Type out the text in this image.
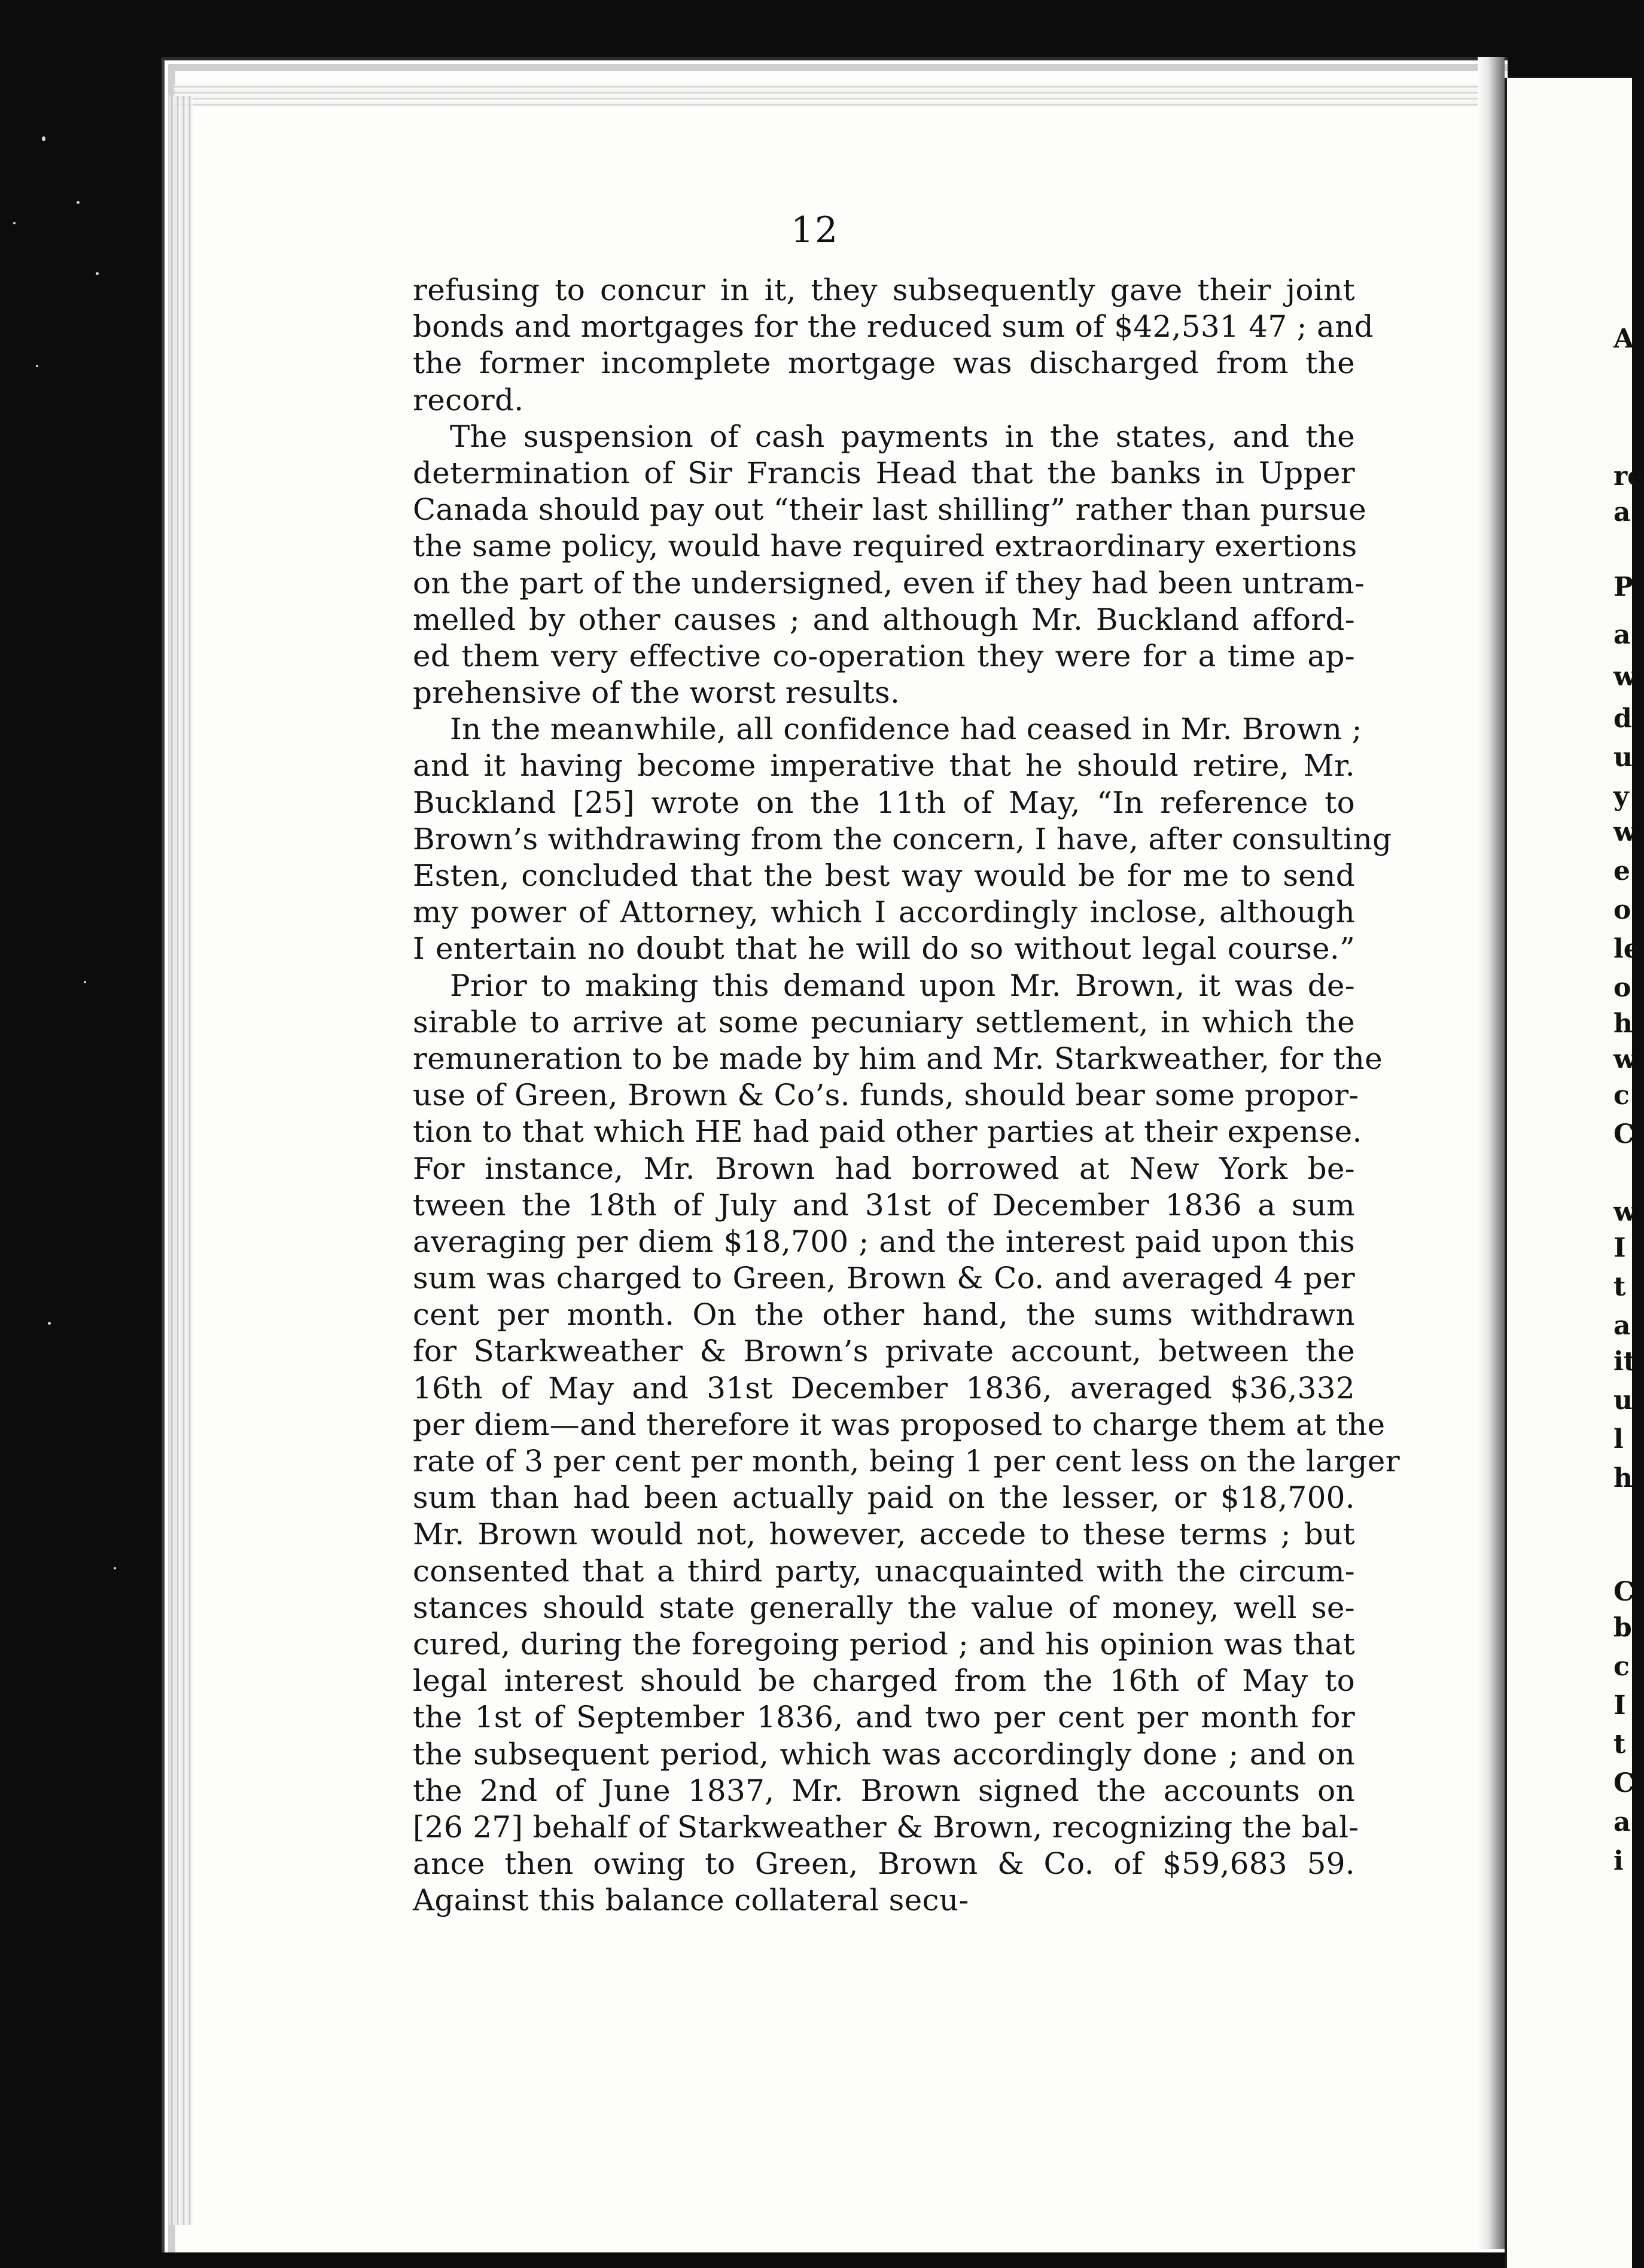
A
re
a
P
a
w
d
u
y
w
e
o
le
o
h
w
c
C
w
I
t
a
it
u
l
h
C
b
c
I
t
C
a
i
12
refusing to concur in it, they subsequently gave their joint
bonds and mortgages for the reduced sum of $42,531 47 ; and
the former incomplete mortgage was discharged from the
record.
The suspension of cash payments in the states, and the
determination of Sir Francis Head that the banks in Upper
Canada should pay out “their last shilling” rather than pursue
the same policy, would have required extraordinary exertions
on the part of the undersigned, even if they had been untram-
melled by other causes ; and although Mr. Buckland afford-
ed them very effective co-operation they were for a time ap-
prehensive of the worst results.
In the meanwhile, all confidence had ceased in Mr. Brown ;
and it having become imperative that he should retire, Mr.
Buckland [25] wrote on the 11th of May, “In reference to
Brown’s withdrawing from the concern, I have, after consulting
Esten, concluded that the best way would be for me to send
my power of Attorney, which I accordingly inclose, although
I entertain no doubt that he will do so without legal course.”
Prior to making this demand upon Mr. Brown, it was de-
sirable to arrive at some pecuniary settlement, in which the
remuneration to be made by him and Mr. Starkweather, for the
use of Green, Brown & Co’s. funds, should bear some propor-
tion to that which HE had paid other parties at their expense.
For instance, Mr. Brown had borrowed at New York be-
tween the 18th of July and 31st of December 1836 a sum
averaging per diem $18,700 ; and the interest paid upon this
sum was charged to Green, Brown & Co. and averaged 4 per
cent per month. On the other hand, the sums withdrawn
for Starkweather & Brown’s private account, between the
16th of May and 31st December 1836, averaged $36,332
per diem—and therefore it was proposed to charge them at the
rate of 3 per cent per month, being 1 per cent less on the larger
sum than had been actually paid on the lesser, or $18,700.
Mr. Brown would not, however, accede to these terms ; but
consented that a third party, unacquainted with the circum-
stances should state generally the value of money, well se-
cured, during the foregoing period ; and his opinion was that
legal interest should be charged from the 16th of May to
the 1st of September 1836, and two per cent per month for
the subsequent period, which was accordingly done ; and on
the 2nd of June 1837, Mr. Brown signed the accounts on
[26 27] behalf of Starkweather & Brown, recognizing the bal-
ance then owing to Green, Brown & Co. of $59,683 59.
Against this balance collateral secu-
